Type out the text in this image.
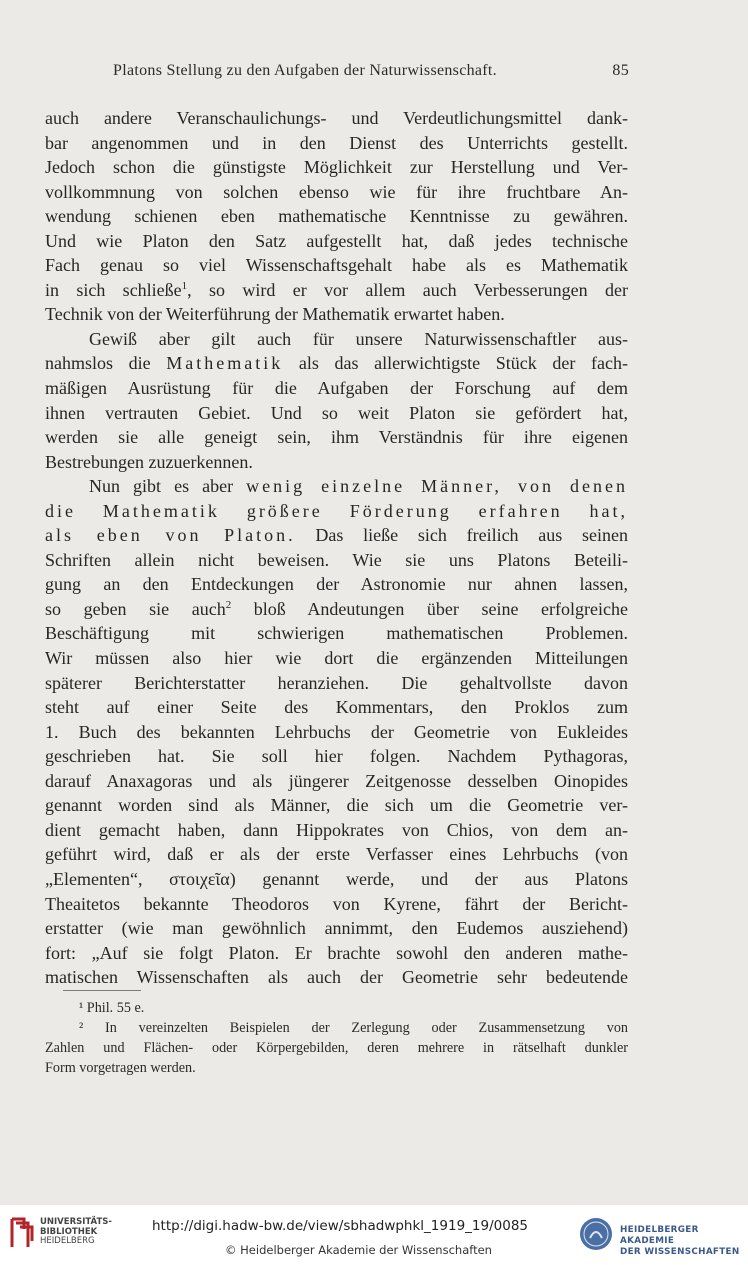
Platons Stellung zu den Aufgaben der Naturwissenschaft.	85
auch andere Veranschaulichungs- und Verdeutlichungsmittel dank-
bar angenommen und in den Dienst des Unterrichts gestellt.
Jedoch schon die günstigste Möglichkeit zur Herstellung und Ver-
vollkommnung von solchen ebenso wie für ihre fruchtbare An-
wendung schienen eben mathematische Kenntnisse zu gewähren.
Und wie Platon den Satz aufgestellt hat, daß jedes technische
Fach genau so viel Wissenschaftsgehalt habe als es Mathematik
in sich schließe$^1$, so wird er vor allem auch Verbesserungen der
Technik von der Weiterführung der Mathematik erwartet haben.
Gewiß aber gilt auch für unsere Naturwissenschaftler aus-
nahmslos die Mathematik als das allerwichtigste Stück der fach-
mäßigen Ausrüstung für die Aufgaben der Forschung auf dem
ihnen vertrauten Gebiet. Und so weit Platon sie gefördert hat,
werden sie alle geneigt sein, ihm Verständnis für ihre eigenen
Bestrebungen zuzuerkennen.
Nun gibt es aber wenig einzelne Männer, von denen
die Mathematik größere Förderung erfahren hat,
als eben von Platon. Das ließe sich freilich aus seinen
Schriften allein nicht beweisen. Wie sie uns Platons Beteili-
gung an den Entdeckungen der Astronomie nur ahnen lassen,
so geben sie auch$^2$ bloß Andeutungen über seine erfolgreiche
Beschäftigung mit schwierigen mathematischen Problemen.
Wir müssen also hier wie dort die ergänzenden Mitteilungen
späterer Berichterstatter heranziehen. Die gehaltvollste davon
steht auf einer Seite des Kommentars, den Proklos zum
1. Buch des bekannten Lehrbuchs der Geometrie von Eukleides
geschrieben hat. Sie soll hier folgen. Nachdem Pythagoras,
darauf Anaxagoras und als jüngerer Zeitgenosse desselben Oinopides
genannt worden sind als Männer, die sich um die Geometrie ver-
dient gemacht haben, dann Hippokrates von Chios, von dem an-
geführt wird, daß er als der erste Verfasser eines Lehrbuchs (von
„Elementen“, στοιχεῖα) genannt werde, und der aus Platons
Theaitetos bekannte Theodoros von Kyrene, fährt der Bericht-
erstatter (wie man gewöhnlich annimmt, den Eudemos ausziehend)
fort: „Auf sie folgt Platon. Er brachte sowohl den anderen mathe-
matischen Wissenschaften als auch der Geometrie sehr bedeutende
¹ Phil. 55 e.
² In vereinzelten Beispielen der Zerlegung oder Zusammensetzung von
Zahlen und Flächen- oder Körpergebilden, deren mehrere in rätselhaft dunkler
Form vorgetragen werden.
UNIVERSITÄTS-
BIBLIOTHEK
HEIDELBERG
http://digi.hadw-bw.de/view/sbhadwphkl_1919_19/0085
© Heidelberger Akademie der Wissenschaften
HEIDELBERGER AKADEMIE
DER WISSENSCHAFTEN
